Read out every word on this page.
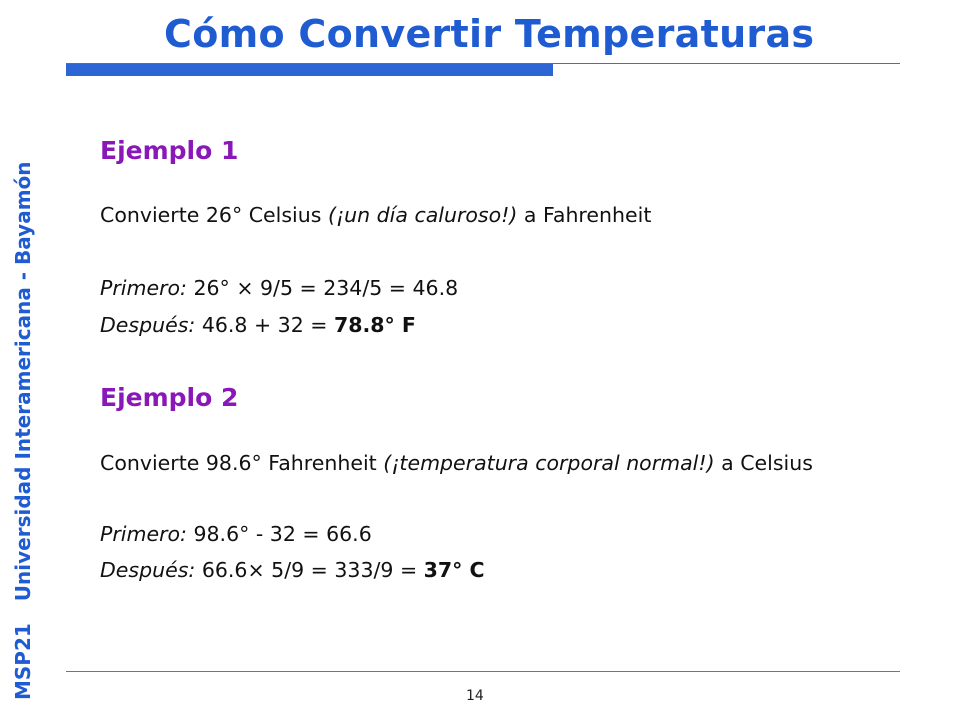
MSP21
Universidad Interamericana - Bayamón
Cómo Convertir Temperaturas
Ejemplo 1
Convierte 26° Celsius (¡un día caluroso!) a Fahrenheit
Primero: 26° × 9/5 = 234/5 = 46.8
Después: 46.8 + 32 = 78.8° F
Ejemplo 2
Convierte 98.6° Fahrenheit (¡temperatura corporal normal!) a Celsius
Primero: 98.6° - 32 = 66.6
Después: 66.6× 5/9 = 333/9 = 37° C
14
